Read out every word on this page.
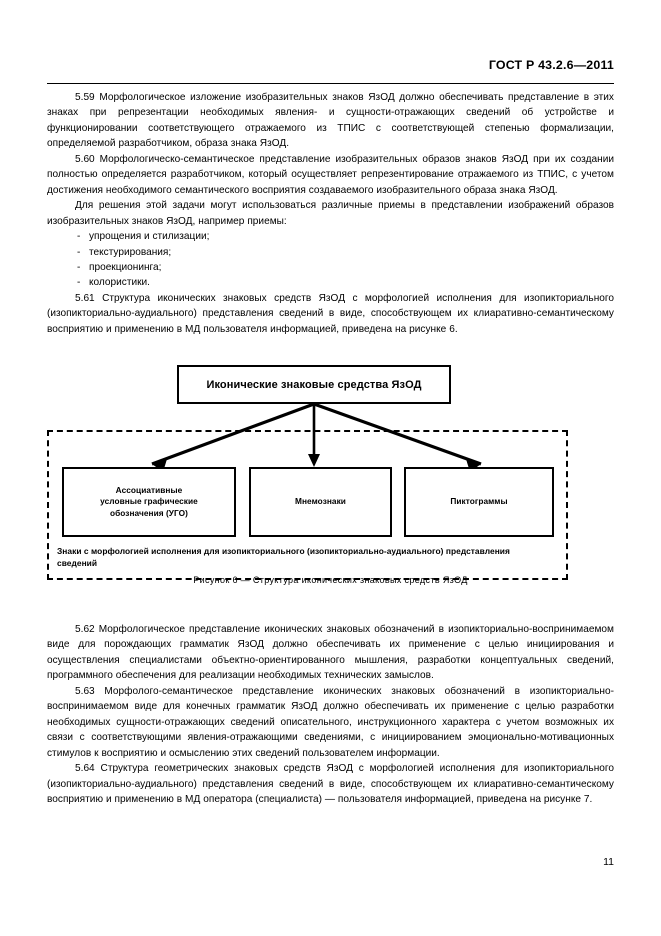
ГОСТ Р 43.2.6—2011

5.59 Морфологическое изложение изобразительных знаков ЯзОД должно обеспечивать представление в этих знаках при репрезентации необходимых явления- и сущности-отражающих сведений об устройстве и функционировании соответствующего отражаемого из ТПИС с соответствующей степенью формализации, определяемой разработчиком, образа знака ЯзОД.

5.60 Морфологическо-семантическое представление изобразительных образов знаков ЯзОД при их создании полностью определяется разработчиком, который осуществляет репрезентирование отражаемого из ТПИС, с учетом достижения необходимого семантического восприятия создаваемого изобразительного образа знака ЯзОД.

Для решения этой задачи могут использоваться различные приемы в представлении изображений образов изобразительных знаков ЯзОД, например приемы:

- упрощения и стилизации;
- текстурирования;
- проекционинга;
- колористики.

5.61 Структура иконических знаковых средств ЯзОД с морфологией исполнения для изопикториального (изопикториально-аудиального) представления сведений в виде, способствующем их клиаративно-семантическому восприятию и применению в МД пользователя информацией, приведена на рисунке 6.

Иконические знаковые средства ЯзОД
Ассоциативные
условные графические
обозначения (УГО)
Мнемознаки	Пиктограммы
Знаки с морфологией исполнения для изопикториального (изопикториально-аудиального) представления сведений
Рисунок 6 — Структура иконических знаковых средств ЯзОД

5.62 Морфологическое представление иконических знаковых обозначений в изопикториально-воспринимаемом виде для порождающих грамматик ЯзОД должно обеспечивать их применение с целью инициирования и осуществления специалистами объектно-ориентированного мышления, разработки концептуальных сведений, программного обеспечения для реализации необходимых технических замыслов.

5.63 Морфолого-семантическое представление иконических знаковых обозначений в изопикториально-воспринимаемом виде для конечных грамматик ЯзОД должно обеспечивать их применение с целью разработки необходимых сущности-отражающих сведений описательного, инструкционного характера с учетом возможных их связи с соответствующими явления-отражающими сведениями, с инициированием эмоционально-мотивационных стимулов к восприятию и осмыслению этих сведений пользователем информации.

5.64 Структура геометрических знаковых средств ЯзОД с морфологией исполнения для изопикториального (изопикториально-аудиального) представления сведений в виде, способствующем их клиаративно-семантическому восприятию и применению в МД оператора (специалиста) — пользователя информацией, приведена на рисунке 7.

11
